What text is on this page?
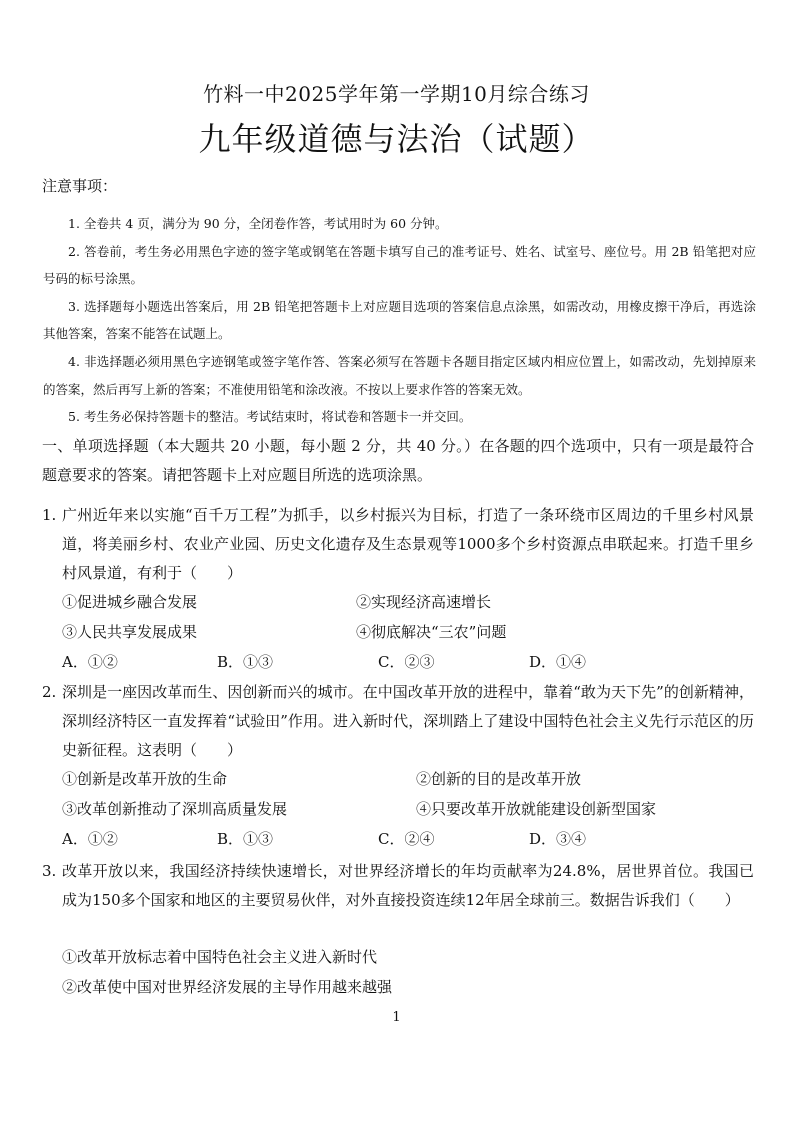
竹料一中2025学年第一学期10月综合练习
九年级道德与法治（试题）
注意事项：

1. 全卷共 4 页，满分为 90 分，全闭卷作答，考试用时为 60 分钟。

2. 答卷前，考生务必用黑色字迹的签字笔或钢笔在答题卡填写自己的准考证号、姓名、试室号、座位号。用 2B 铅笔把对应号码的标号涂黑。

3. 选择题每小题选出答案后，用 2B 铅笔把答题卡上对应题目选项的答案信息点涂黑，如需改动，用橡皮擦干净后，再选涂其他答案，答案不能答在试题上。

4. 非选择题必须用黑色字迹钢笔或签字笔作答、答案必须写在答题卡各题目指定区域内相应位置上，如需改动，先划掉原来的答案，然后再写上新的答案；不准使用铅笔和涂改液。不按以上要求作答的答案无效。

5. 考生务必保持答题卡的整洁。考试结束时，将试卷和答题卡一并交回。

一、单项选择题（本大题共 20 小题，每小题 2 分，共 40 分。）在各题的四个选项中，只有一项是最符合题意要求的答案。请把答题卡上对应题目所选的选项涂黑。
1. 广州近年来以实施“百千万工程”为抓手，以乡村振兴为目标，打造了一条环绕市区周边的千里乡村风景道，将美丽乡村、农业产业园、历史文化遗存及生态景观等1000多个乡村资源点串联起来。打造千里乡村风景道，有利于（　　）
①促进城乡融合发展	②实现经济高速增长
③人民共享发展成果	④彻底解决“三农”问题
A．①②	B．①③	C．②③	D．①④
2. 深圳是一座因改革而生、因创新而兴的城市。在中国改革开放的进程中，靠着“敢为天下先”的创新精神，深圳经济特区一直发挥着“试验田”作用。进入新时代，深圳踏上了建设中国特色社会主义先行示范区的历史新征程。这表明（　　）
①创新是改革开放的生命	②创新的目的是改革开放
③改革创新推动了深圳高质量发展	④只要改革开放就能建设创新型国家
A．①②	B．①③	C．②④	D．③④
3. 改革开放以来，我国经济持续快速增长，对世界经济增长的年均贡献率为24.8%，居世界首位。我国已成为150多个国家和地区的主要贸易伙伴，对外直接投资连续12年居全球前三。数据告诉我们（　　）
①改革开放标志着中国特色社会主义进入新时代
②改革使中国对世界经济发展的主导作用越来越强
1
